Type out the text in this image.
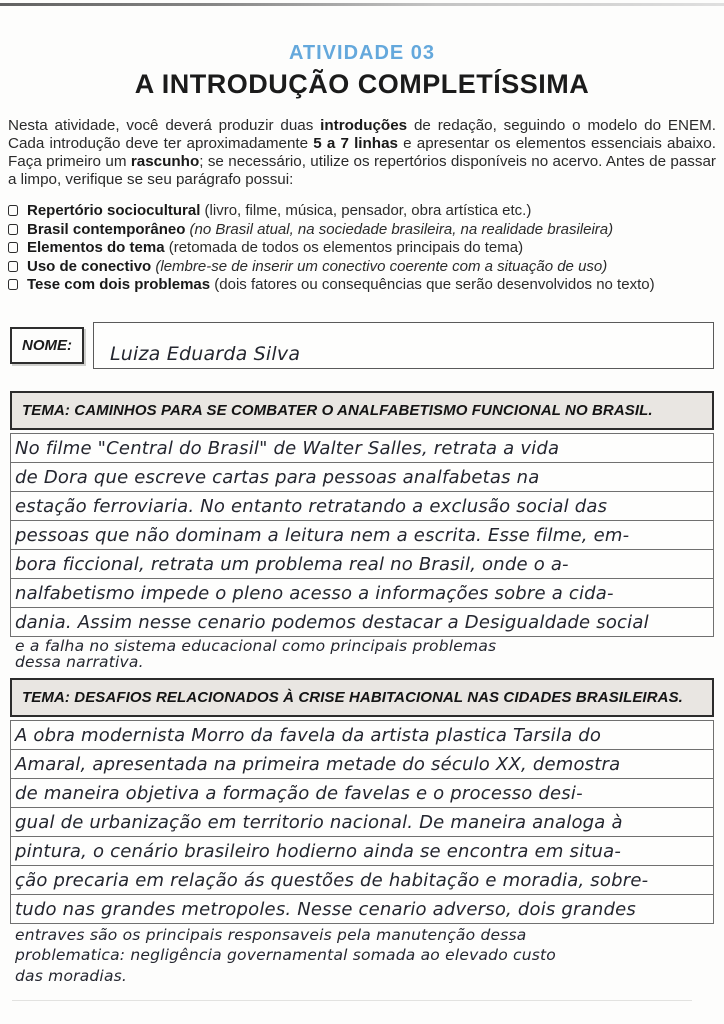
ATIVIDADE 03
A INTRODUÇÃO COMPLETÍSSIMA

Nesta atividade, você deverá produzir duas introduções de redação, seguindo o modelo do ENEM. Cada introdução deve ter aproximadamente 5 a 7 linhas e apresentar os elementos essenciais abaixo. Faça primeiro um rascunho; se necessário, utilize os repertórios disponíveis no acervo. Antes de passar a limpo, verifique se seu parágrafo possui:

Repertório sociocultural (livro, filme, música, pensador, obra artística etc.)
Brasil contemporâneo (no Brasil atual, na sociedade brasileira, na realidade brasileira)
Elementos do tema (retomada de todos os elementos principais do tema)
Uso de conectivo (lembre-se de inserir um conectivo coerente com a situação de uso)
Tese com dois problemas (dois fatores ou consequências que serão desenvolvidos no texto)
NOME:	Luiza Eduarda Silva
TEMA: CAMINHOS PARA SE COMBATER O ANALFABETISMO FUNCIONAL NO BRASIL.
No filme "Central do Brasil" de Walter Salles, retrata a vida
de Dora que escreve cartas para pessoas analfabetas na
estação ferroviaria. No entanto retratando a exclusão social das
pessoas que não dominam a leitura nem a escrita. Esse filme, em-
bora ficcional, retrata um problema real no Brasil, onde o a-
nalfabetismo impede o pleno acesso a informações sobre a cida-
dania. Assim nesse cenario podemos destacar a Desigualdade social
e a falha no sistema educacional como principais problemas
dessa narrativa.
TEMA: DESAFIOS RELACIONADOS À CRISE HABITACIONAL NAS CIDADES BRASILEIRAS.
A obra modernista Morro da favela da artista plastica Tarsila do
Amaral, apresentada na primeira metade do século XX, demostra
de maneira objetiva a formação de favelas e o processo desi-
gual de urbanização em territorio nacional. De maneira analoga à
pintura, o cenário brasileiro hodierno ainda se encontra em situa-
ção precaria em relação ás questões de habitação e moradia, sobre-
tudo nas grandes metropoles. Nesse cenario adverso, dois grandes
entraves são os principais responsaveis pela manutenção dessa
problematica: negligência governamental somada ao elevado custo
das moradias.
